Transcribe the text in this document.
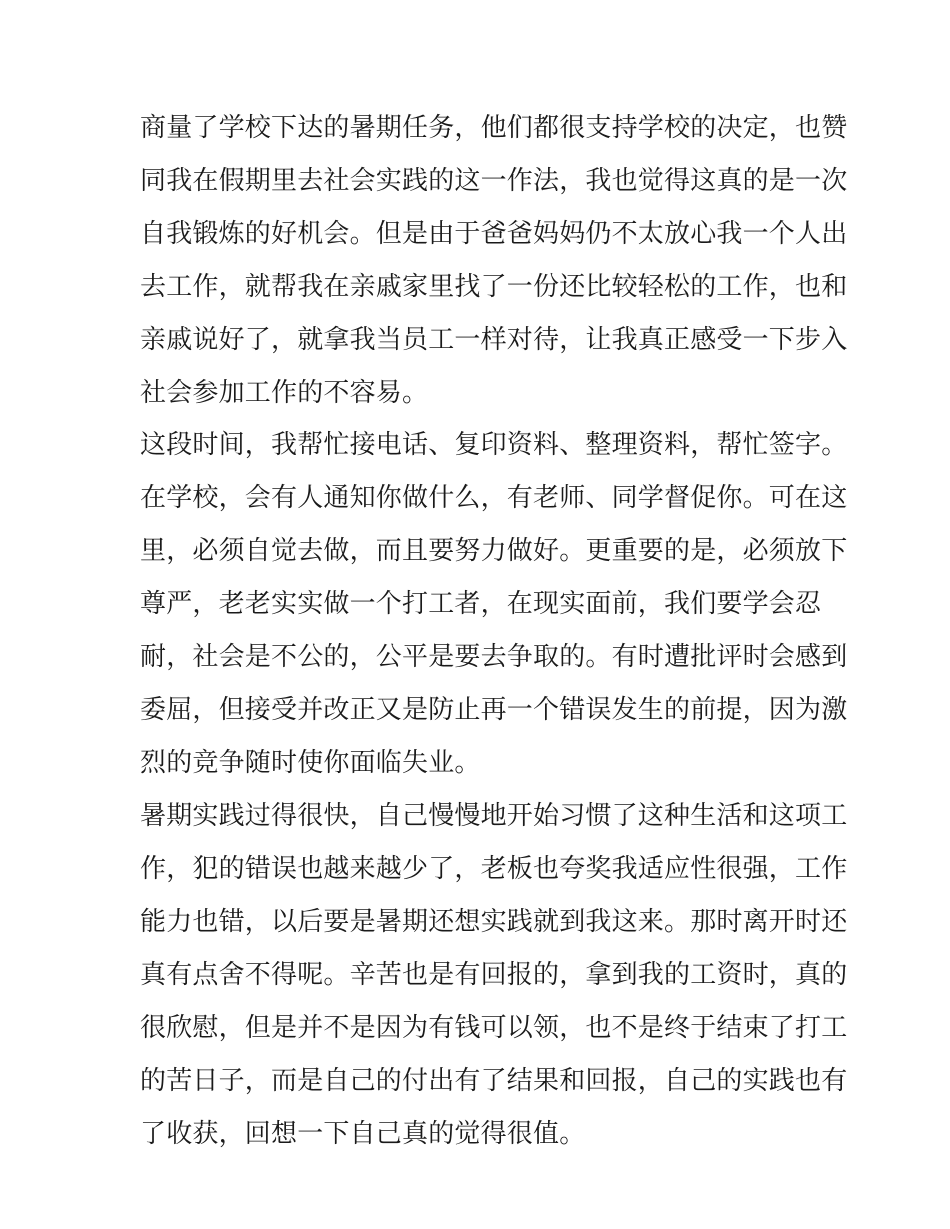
商量了学校下达的暑期任务，他们都很支持学校的决定，也赞
同我在假期里去社会实践的这一作法，我也觉得这真的是一次
自我锻炼的好机会。但是由于爸爸妈妈仍不太放心我一个人出
去工作，就帮我在亲戚家里找了一份还比较轻松的工作，也和
亲戚说好了，就拿我当员工一样对待，让我真正感受一下步入
社会参加工作的不容易。
这段时间，我帮忙接电话、复印资料、整理资料，帮忙签字。
在学校，会有人通知你做什么，有老师、同学督促你。可在这
里，必须自觉去做，而且要努力做好。更重要的是，必须放下
尊严，老老实实做一个打工者，在现实面前，我们要学会忍
耐，社会是不公的，公平是要去争取的。有时遭批评时会感到
委屈，但接受并改正又是防止再一个错误发生的前提，因为激
烈的竞争随时使你面临失业。
暑期实践过得很快，自己慢慢地开始习惯了这种生活和这项工
作，犯的错误也越来越少了，老板也夸奖我适应性很强，工作
能力也错，以后要是暑期还想实践就到我这来。那时离开时还
真有点舍不得呢。辛苦也是有回报的，拿到我的工资时，真的
很欣慰，但是并不是因为有钱可以领，也不是终于结束了打工
的苦日子，而是自己的付出有了结果和回报，自己的实践也有
了收获，回想一下自己真的觉得很值。
